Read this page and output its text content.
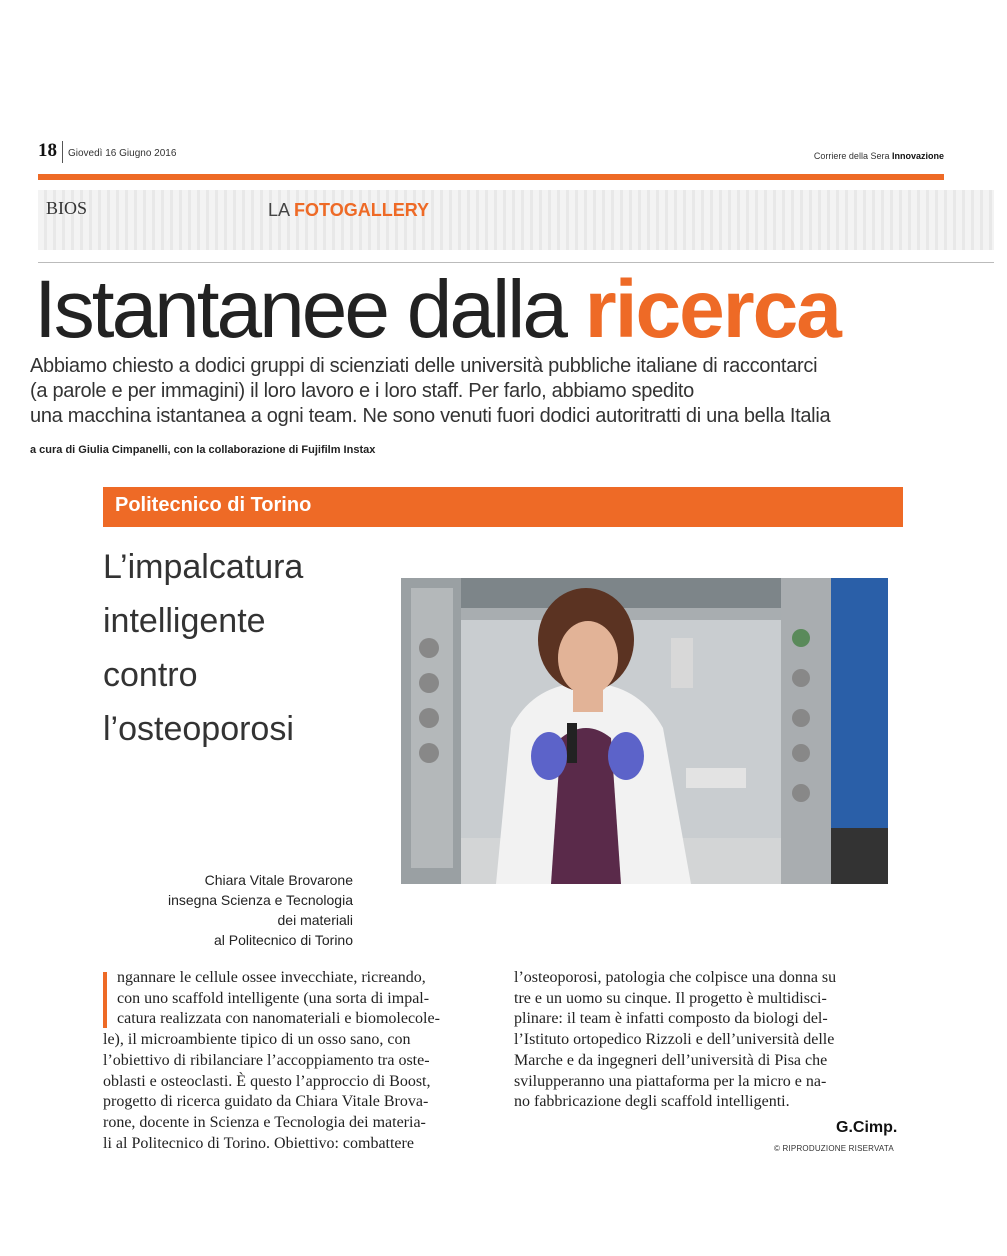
18 Giovedì 16 Giugno 2016	Corriere della Sera Innovazione
BIOS	LA FOTOGALLERY
Istantanee dalla ricerca
Abbiamo chiesto a dodici gruppi di scienziati delle università pubbliche italiane di raccontarci
(a parole e per immagini) il loro lavoro e i loro staff. Per farlo, abbiamo spedito
una macchina istantanea a ogni team. Ne sono venuti fuori dodici autoritratti di una bella Italia
a cura di Giulia Cimpanelli, con la collaborazione di Fujifilm Instax
Politecnico di Torino
L’impalcatura
intelligente
contro
l’osteoporosi
Chiara Vitale Brovarone
insegna Scienza e Tecnologia
dei materiali
al Politecnico di Torino
ngannare le cellule ossee invecchiate, ricreando,
con uno scaffold intelligente (una sorta di impal-
catura realizzata con nanomateriali e biomolecole-
le), il microambiente tipico di un osso sano, con
l’obiettivo di ribilanciare l’accoppiamento tra oste-
oblasti e osteoclasti. È questo l’approccio di Boost,
progetto di ricerca guidato da Chiara Vitale Brova-
rone, docente in Scienza e Tecnologia dei materia-
li al Politecnico di Torino. Obiettivo: combattere
l’osteoporosi, patologia che colpisce una donna su
tre e un uomo su cinque. Il progetto è multidisci-
plinare: il team è infatti composto da biologi del-
l’Istituto ortopedico Rizzoli e dell’università delle
Marche e da ingegneri dell’università di Pisa che
svilupperanno una piattaforma per la micro e na-
no fabbricazione degli scaffold intelligenti.
G.Cimp.
© RIPRODUZIONE RISERVATA
